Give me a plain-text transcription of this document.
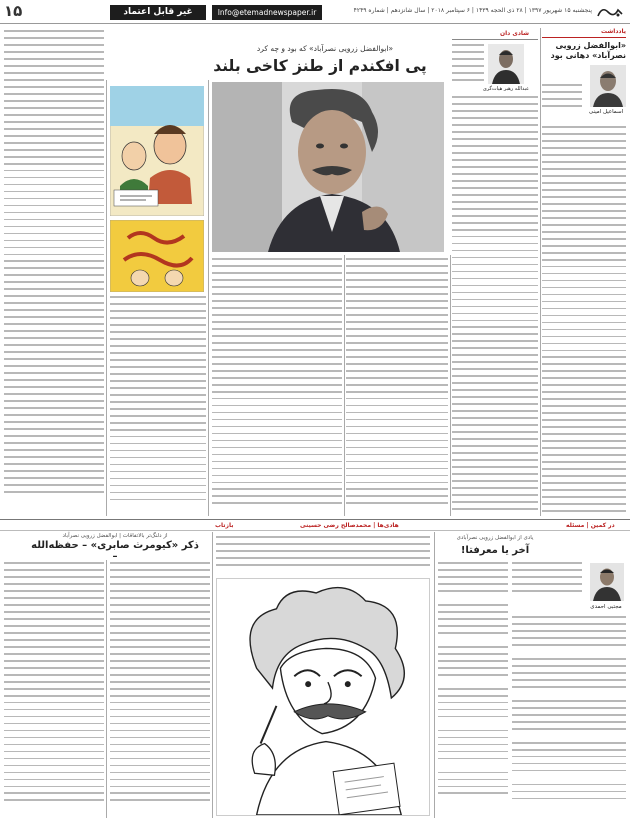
۱۵	غیر قابل اعتماد	Info@etemadnewspaper.ir	پنجشنبه ۱۵ شهریور ۱۳۹۷ | ۲۸ ذی الحجه ۱۴۳۹ | ۶ سپتامبر ۲۰۱۸ | سال شانزدهم | شماره ۴۲۴۹
یادداشت
«ابوالفضل زرویی نصرآباد» دهانی بود
اسماعیل امینی
شادی دان
«ابوالفضل زرویی نصرآباد» که بود و چه کرد
پی افکندم از طنز کاخی بلند
عبدالله رهبر هیات‌گری
بازتاب	هادی‌ها | محمدصالح رضی حسینی	در کمین | مسئله
از دلنگ‌تر بالاتفاقات | ابوالفضل زرویی نصرآباد
ذکر «کیومرث صابری» – حفظه‌الله –
یادی از ابوالفضل زرویی نصرآبادی
آخر یا معرفتا!
مجتبی احمدی
